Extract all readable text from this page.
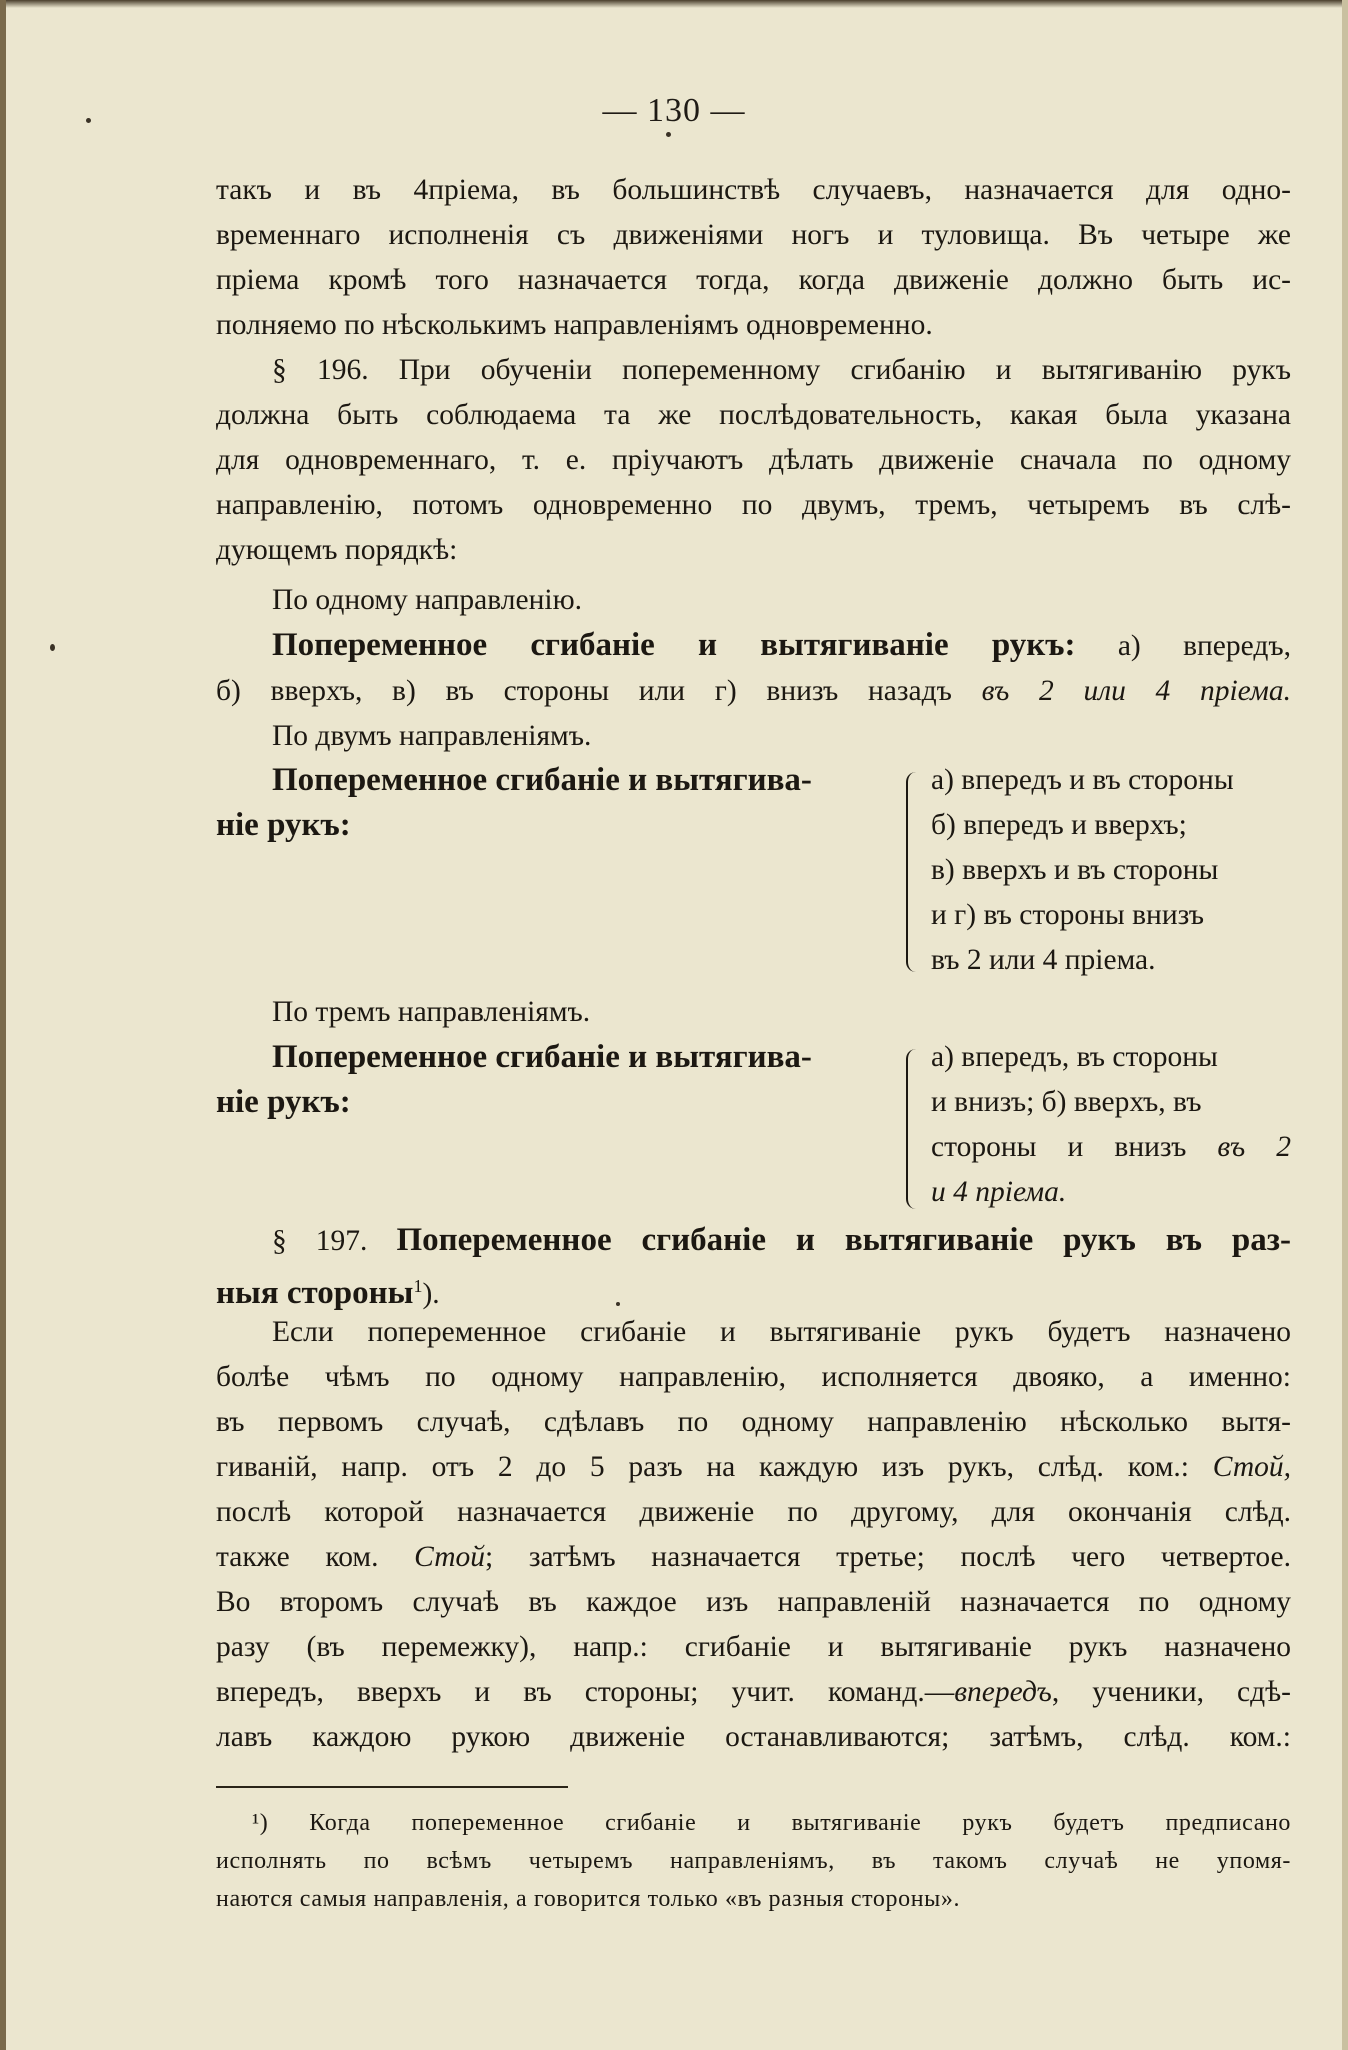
— 130 —
такъ и въ 4пріема, въ большинствѣ случаевъ, назначается для одно-
временнаго исполненія съ движеніями ногъ и туловища. Въ четыре же
пріема кромѣ того назначается тогда, когда движеніе должно быть ис-
полняемо по нѣсколькимъ направленіямъ одновременно.
§ 196. При обученіи попеременному сгибанію и вытягиванію рукъ
должна быть соблюдаема та же послѣдовательность, какая была указана
для одновременнаго, т. е. пріучаютъ дѣлать движеніе сначала по одному
направленію, потомъ одновременно по двумъ, тремъ, четыремъ въ слѣ-
дующемъ порядкѣ:
По одному направленію.
Попеременное сгибаніе и вытягиваніе рукъ: а) впередъ,
б) вверхъ, в) въ стороны или г) внизъ назадъ въ 2 или 4 пріема.
По двумъ направленіямъ.
Попеременное сгибаніе и вытягива-
ніе рукъ:
а) впередъ и въ стороны
б) впередъ и вверхъ;
в) вверхъ и въ стороны
и г) въ стороны внизъ
въ 2 или 4 пріема.
По тремъ направленіямъ.
Попеременное сгибаніе и вытягива-
ніе рукъ:
а) впередъ, въ стороны
и внизъ; б) вверхъ, въ
стороны и внизъ въ 2
и 4 пріема.
§ 197. Попеременное сгибаніе и вытягиваніе рукъ въ раз-
ныя стороны$^1$).
Если попеременное сгибаніе и вытягиваніе рукъ будетъ назначено
болѣе чѣмъ по одному направленію, исполняется двояко, а именно:
въ первомъ случаѣ, сдѣлавъ по одному направленію нѣсколько вытя-
гиваній, напр. отъ 2 до 5 разъ на каждую изъ рукъ, слѣд. ком.: Стой,
послѣ которой назначается движеніе по другому, для окончанія слѣд.
также ком. Стой; затѣмъ назначается третье; послѣ чего четвертое.
Во второмъ случаѣ въ каждое изъ направленій назначается по одному
разу (въ перемежку), напр.: сгибаніе и вытягиваніе рукъ назначено
впередъ, вверхъ и въ стороны; учит. команд.—впередъ, ученики, сдѣ-
лавъ каждою рукою движеніе останавливаются; затѣмъ, слѣд. ком.:
¹) Когда попеременное сгибаніе и вытягиваніе рукъ будетъ предписано
исполнять по всѣмъ четыремъ направленіямъ, въ такомъ случаѣ не упомя-
наются самыя направленія, а говорится только «въ разныя стороны».
